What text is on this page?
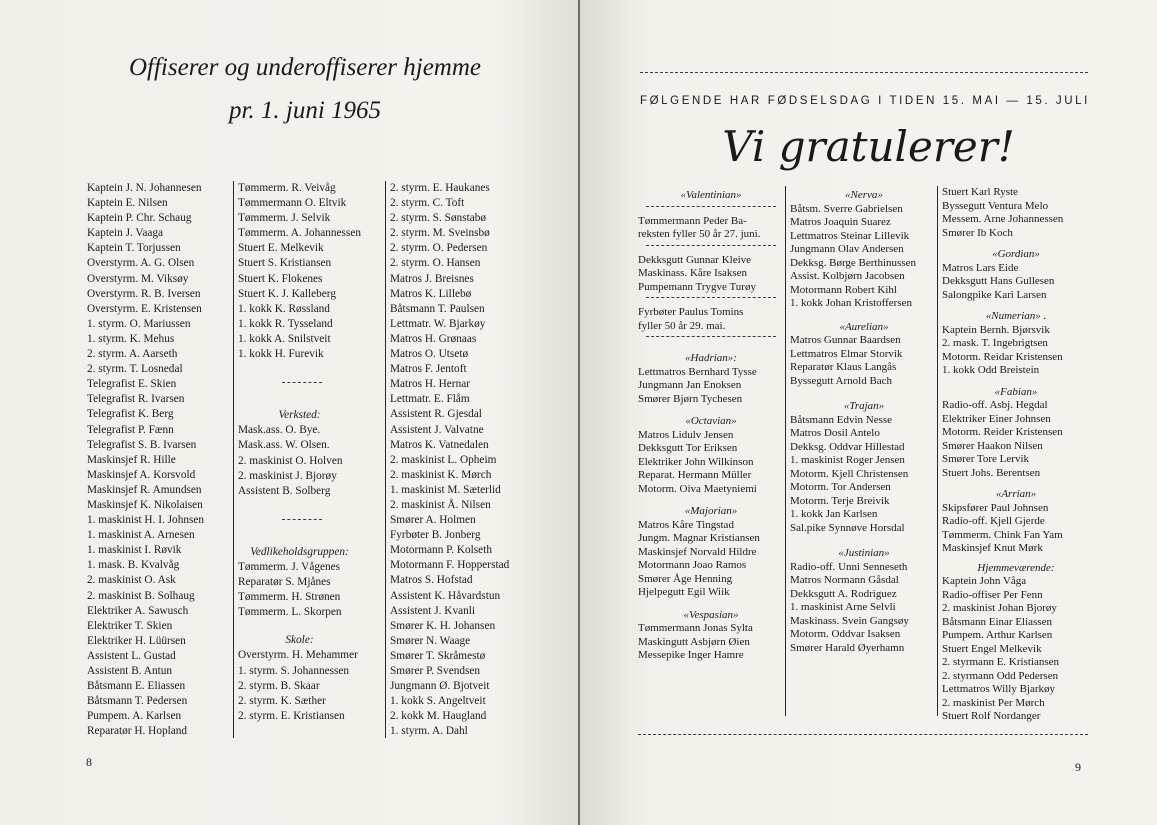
Offiserer og underoffiserer hjemme
pr. 1. juni 1965
Kaptein J. N. Johannesen
Kaptein E. Nilsen
Kaptein P. Chr. Schaug
Kaptein J. Vaaga
Kaptein T. Torjussen
Overstyrm. A. G. Olsen
Overstyrm. M. Viksøy
Overstyrm. R. B. Iversen
Overstyrm. E. Kristensen
1. styrm. O. Mariussen
1. styrm. K. Mehus
2. styrm. A. Aarseth
2. styrm. T. Losnedal
Telegrafist E. Skien
Telegrafist R. Ivarsen
Telegrafist K. Berg
Telegrafist P. Fænn
Telegrafist S. B. Ivarsen
Maskinsjef R. Hille
Maskinsjef A. Korsvold
Maskinsjef R. Amundsen
Maskinsjef K. Nikolaisen
1. maskinist H. I. Johnsen
1. maskinist A. Arnesen
1. maskinist I. Røvik
1. mask. B. Kvalvåg
2. maskinist O. Ask
2. maskinist B. Solhaug
Elektriker A. Sawusch
Elektriker T. Skien
Elektriker H. Lüürsen
Assistent L. Gustad
Assistent B. Antun
Båtsmann E. Eliassen
Båtsmann T. Pedersen
Pumpem. A. Karlsen
Reparatør H. Hopland
Tømmerm. R. Veivåg
Tømmermann O. Eltvik
Tømmerm. J. Selvik
Tømmerm. A. Johannessen
Stuert E. Melkevik
Stuert S. Kristiansen
Stuert K. Flokenes
Stuert K. J. Kalleberg
1. kokk K. Røssland
1. kokk R. Tysseland
1. kokk A. Snilstveit
1. kokk H. Furevik
Verksted:
Mask.ass. O. Bye.
Mask.ass. W. Olsen.
2. maskinist O. Holven
2. maskinist J. Bjorøy
Assistent B. Solberg
Vedlikeholdsgruppen:
Tømmerm. J. Vågenes
Reparatør S. Mjånes
Tømmerm. H. Strønen
Tømmerm. L. Skorpen
Skole:
Overstyrm. H. Mehammer
1. styrm. S. Johannessen
2. styrm. B. Skaar
2. styrm. K. Sæther
2. styrm. E. Kristiansen
2. styrm. E. Haukanes
2. styrm. C. Toft
2. styrm. S. Sønstabø
2. styrm. M. Sveinsbø
2. styrm. O. Pedersen
2. styrm. O. Hansen
Matros J. Breisnes
Matros K. Lillebø
Båtsmann T. Paulsen
Lettmatr. W. Bjarkøy
Matros H. Grønaas
Matros O. Utsetø
Matros F. Jentoft
Matros H. Hernar
Lettmatr. E. Flåm
Assistent R. Gjesdal
Assistent J. Valvatne
Matros K. Vatnedalen
2. maskinist L. Opheim
2. maskinist K. Mørch
1. maskinist M. Sæterlid
2. maskinist Å. Nilsen
Smører A. Holmen
Fyrbøter B. Jonberg
Motormann P. Kolseth
Motormann F. Hopperstad
Matros S. Hofstad
Assistent K. Håvardstun
Assistent J. Kvanli
Smører K. H. Johansen
Smører N. Waage
Smører T. Skråmestø
Smører P. Svendsen
Jungmann Ø. Bjotveit
1. kokk S. Angeltveit
2. kokk M. Haugland
1. styrm. A. Dahl
8
FØLGENDE HAR FØDSELSDAG I TIDEN 15. MAI — 15. JULI
Vi gratulerer!
«Valentinian»
Tømmermann Peder Ba-
reksten fyller 50 år 27. juni.
Dekksgutt Gunnar Kleive
Maskinass. Kåre Isaksen
Pumpemann Trygve Turøy
Fyrbøter Paulus Tomins
fyller 50 år 29. mai.
«Hadrian»:
Lettmatros Bernhard Tysse
Jungmann Jan Enoksen
Smører Bjørn Tychesen
«Octavian»
Matros Lidulv Jensen
Dekksgutt Tor Eriksen
Elektriker John Wilkinson
Reparat. Hermann Müller
Motorm. Oiva Maetyniemi
«Majorian»
Matros Kåre Tingstad
Jungm. Magnar Kristiansen
Maskinsjef Norvald Hildre
Motormann Joao Ramos
Smører Åge Henning
Hjelpegutt Egil Wiik
«Vespasian»
Tømmermann Jonas Sylta
Maskingutt Asbjørn Øien
Messepike Inger Hamre
«Nerva»
Båtsm. Sverre Gabrielsen
Matros Joaquin Suarez
Lettmatros Steinar Lillevik
Jungmann Olav Andersen
Dekksg. Børge Berthinussen
Assist. Kolbjørn Jacobsen
Motormann Robert Kihl
1. kokk Johan Kristoffersen
«Aurelian»
Matros Gunnar Baardsen
Lettmatros Elmar Storvik
Reparatør Klaus Langås
Byssegutt Arnold Bach
«Trajan»
Båtsmann Edvin Nesse
Matros Dosil Antelo
Dekksg. Oddvar Hillestad
1. maskinist Roger Jensen
Motorm. Kjell Christensen
Motorm. Tor Andersen
Motorm. Terje Breivik
1. kokk Jan Karlsen
Sal.pike Synnøve Horsdal
«Justinian»
Radio-off. Unni Senneseth
Matros Normann Gåsdal
Dekksgutt A. Rodriguez
1. maskinist Arne Selvli
Maskinass. Svein Gangsøy
Motorm. Oddvar Isaksen
Smører Harald Øyerhamn
Stuert Karl Ryste
Byssegutt Ventura Melo
Messem. Arne Johannessen
Smører Ib Koch
«Gordian»
Matros Lars Eide
Dekksgutt Hans Gullesen
Salongpike Kari Larsen
«Numerian» .
Kaptein Bernh. Bjørsvik
2. mask. T. Ingebrigtsen
Motorm. Reidar Kristensen
1. kokk Odd Breistein
«Fabian»
Radio-off. Asbj. Hegdal
Elektriker Einer Johnsen
Motorm. Reider Kristensen
Smører Haakon Nilsen
Smører Tore Lervik
Stuert Johs. Berentsen
«Arrian»
Skipsfører Paul Johnsen
Radio-off. Kjell Gjerde
Tømmerm. Chink Fan Yam
Maskinsjef Knut Mørk
Hjemmeværende:
Kaptein John Våga
Radio-offiser Per Fenn
2. maskinist Johan Bjorøy
Båtsmann Einar Eliassen
Pumpem. Arthur Karlsen
Stuert Engel Melkevik
2. styrmann E. Kristiansen
2. styrmann Odd Pedersen
Lettmatros Willy Bjarkøy
2. maskinist Per Mørch
Stuert Rolf Nordanger
9
